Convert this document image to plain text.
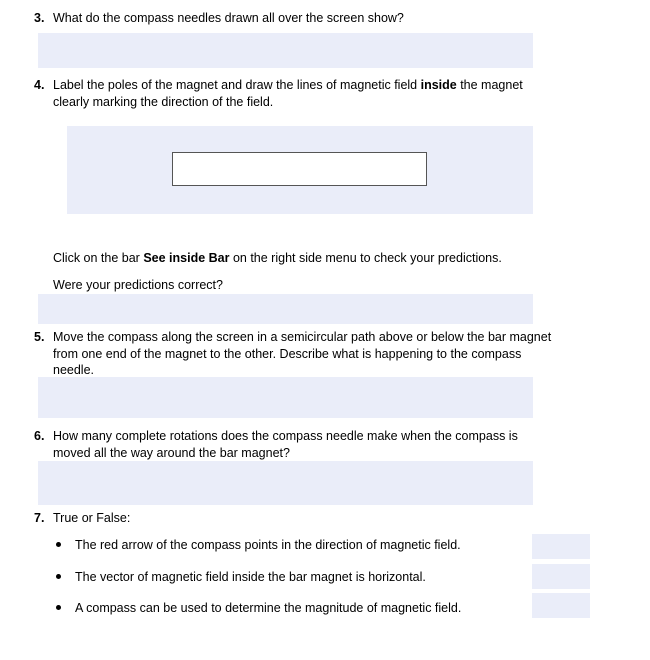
3. What do the compass needles drawn all over the screen show?
4. Label the poles of the magnet and draw the lines of magnetic field inside the magnet clearly marking the direction of the field.
Click on the bar See inside Bar on the right side menu to check your predictions.
Were your predictions correct?
5. Move the compass along the screen in a semicircular path above or below the bar magnet from one end of the magnet to the other. Describe what is happening to the compass needle.
6. How many complete rotations does the compass needle make when the compass is moved all the way around the bar magnet?
7. True or False:
The red arrow of the compass points in the direction of magnetic field.
The vector of magnetic field inside the bar magnet is horizontal.
A compass can be used to determine the magnitude of magnetic field.
